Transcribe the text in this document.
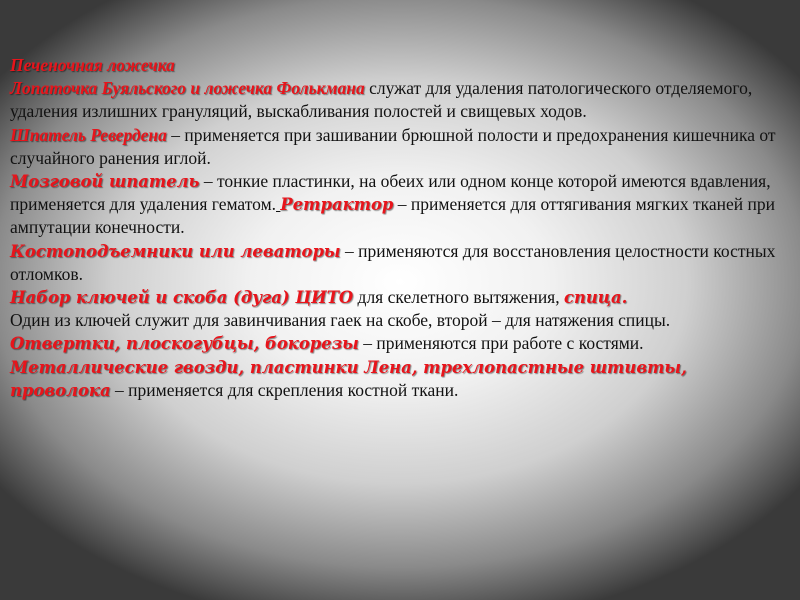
Печеночная ложечка

Лопаточка Буяльского и ложечка Фолькмана служат для удаления патологического отделяемого, удаления излишних грануляций, выскабливания полостей и свищевых ходов.

Шпатель Ревердена – применяется при зашивании брюшной полости и предохранения кишечника от случайного ранения иглой.

Мозговой шпатель – тонкие пластинки, на обеих или одном конце которой имеются вдавления, применяется для удаления гематом. Ретрактор – применяется для оттягивания мягких тканей при ампутации конечности.

Костоподъемники или леваторы – применяются для восстановления целостности костных отломков.

Набор ключей и скоба (дуга) ЦИТО для скелетного вытяжения, спица.

Один из ключей служит для завинчивания гаек на скобе, второй – для натяжения спицы.

Отвертки, плоскогубцы, бокорезы – применяются при работе с костями.

Металлические гвозди, пластинки Лена, трехлопастные штивты, проволока – применяется для скрепления костной ткани.
